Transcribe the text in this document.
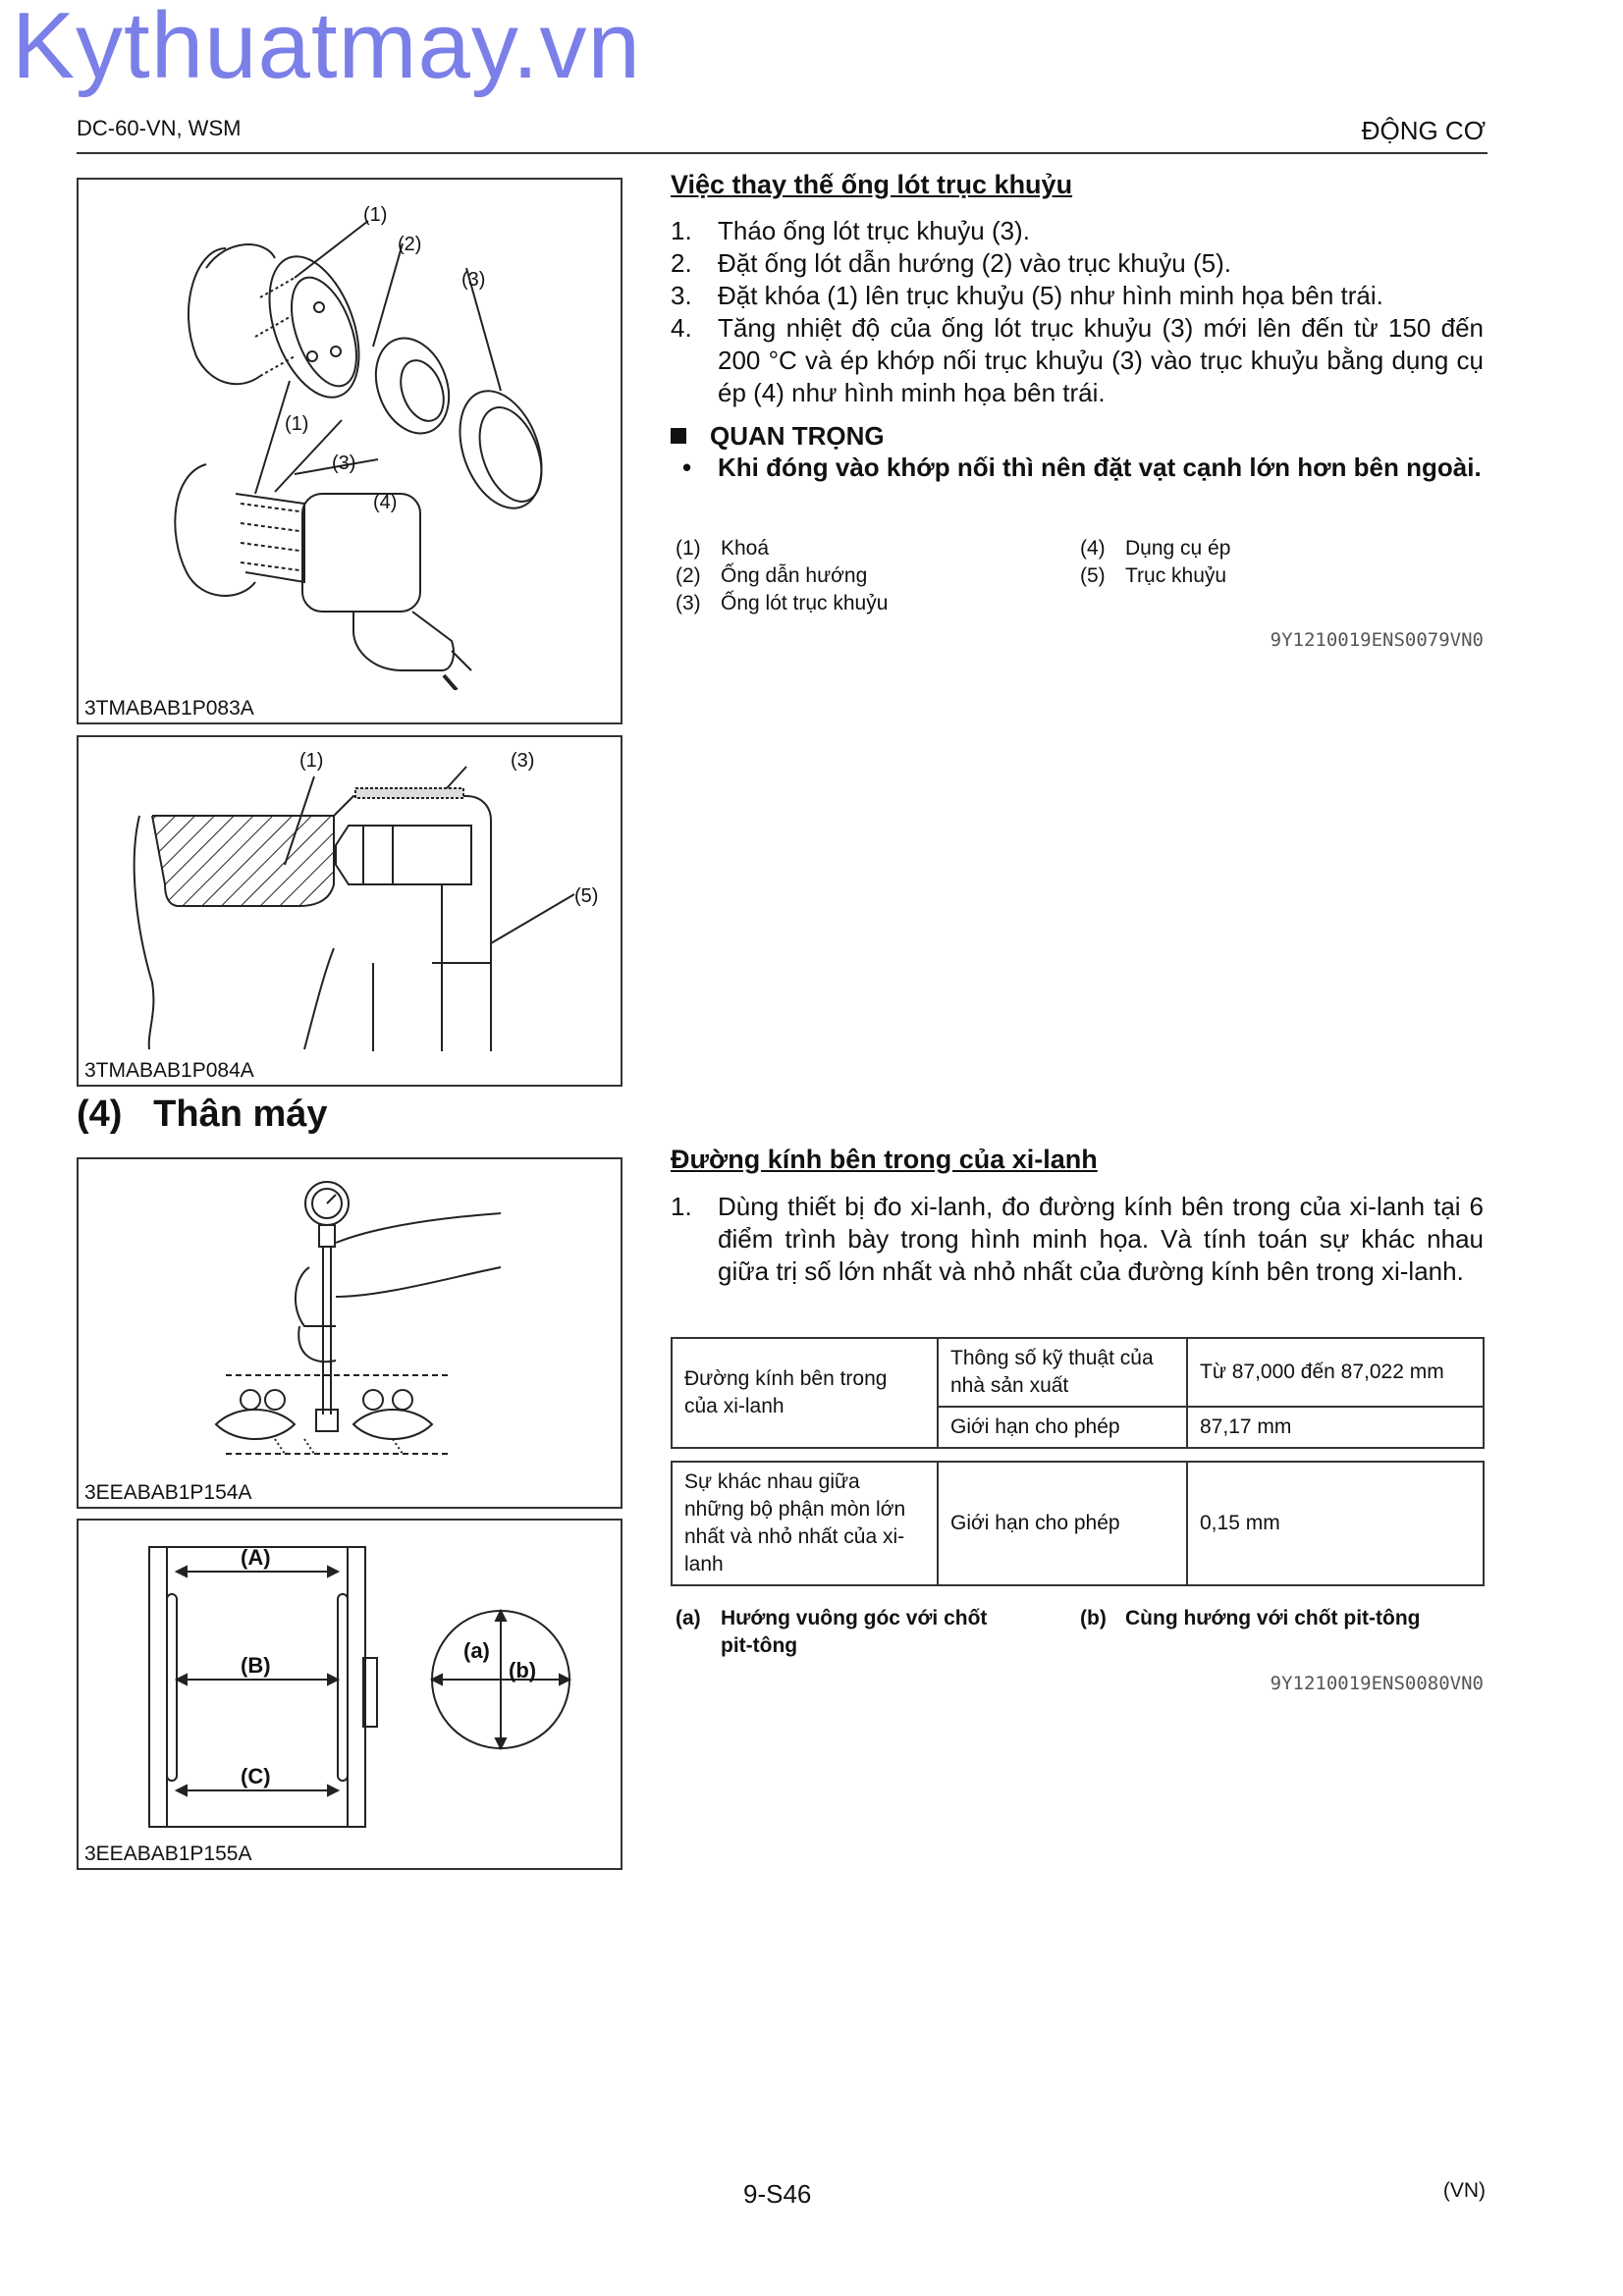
Kythuatmay.vn
DC-60-VN, WSM	ĐỘNG CƠ
(1)
(2)
(3)
(1)
(3)
(4)
3TMABAB1P083A
(1)	(3)
(5)
3TMABAB1P084A
(4) Thân máy
3EEABAB1P154A
(A)
(B)
(C)
(a)
(b)
3EEABAB1P155A
Việc thay thế ống lót trục khuỷu
1.	Tháo ống lót trục khuỷu (3).
2.	Đặt ống lót dẫn hướng (2) vào trục khuỷu (5).
3.	Đặt khóa (1) lên trục khuỷu (5) như hình minh họa bên trái.
4.	Tăng nhiệt độ của ống lót trục khuỷu (3) mới lên đến từ 150 đến 200 °C và ép khớp nối trục khuỷu (3) vào trục khuỷu bằng dụng cụ ép (4) như hình minh họa bên trái.
QUAN TRỌNG
• Khi đóng vào khớp nối thì nên đặt vạt cạnh lớn hơn bên ngoài.
(1) Khoá
(2) Ống dẫn hướng
(3) Ống lót trục khuỷu
(4) Dụng cụ ép
(5) Trục khuỷu
9Y1210019ENS0079VN0
Đường kính bên trong của xi-lanh
1.	Dùng thiết bị đo xi-lanh, đo đường kính bên trong của xi-lanh tại 6 điểm trình bày trong hình minh họa. Và tính toán sự khác nhau giữa trị số lớn nhất và nhỏ nhất của đường kính bên trong xi-lanh.
Đường kính bên trong của xi-lanh	Thông số kỹ thuật của nhà sản xuất	Từ 87,000 đến 87,022 mm
	Giới hạn cho phép	87,17 mm
Sự khác nhau giữa những bộ phận mòn lớn nhất và nhỏ nhất của xi-lanh	Giới hạn cho phép	0,15 mm
(a) Hướng vuông góc với chốt pit-tông
(b) Cùng hướng với chốt pit-tông
9Y1210019ENS0080VN0
9-S46	(VN)
